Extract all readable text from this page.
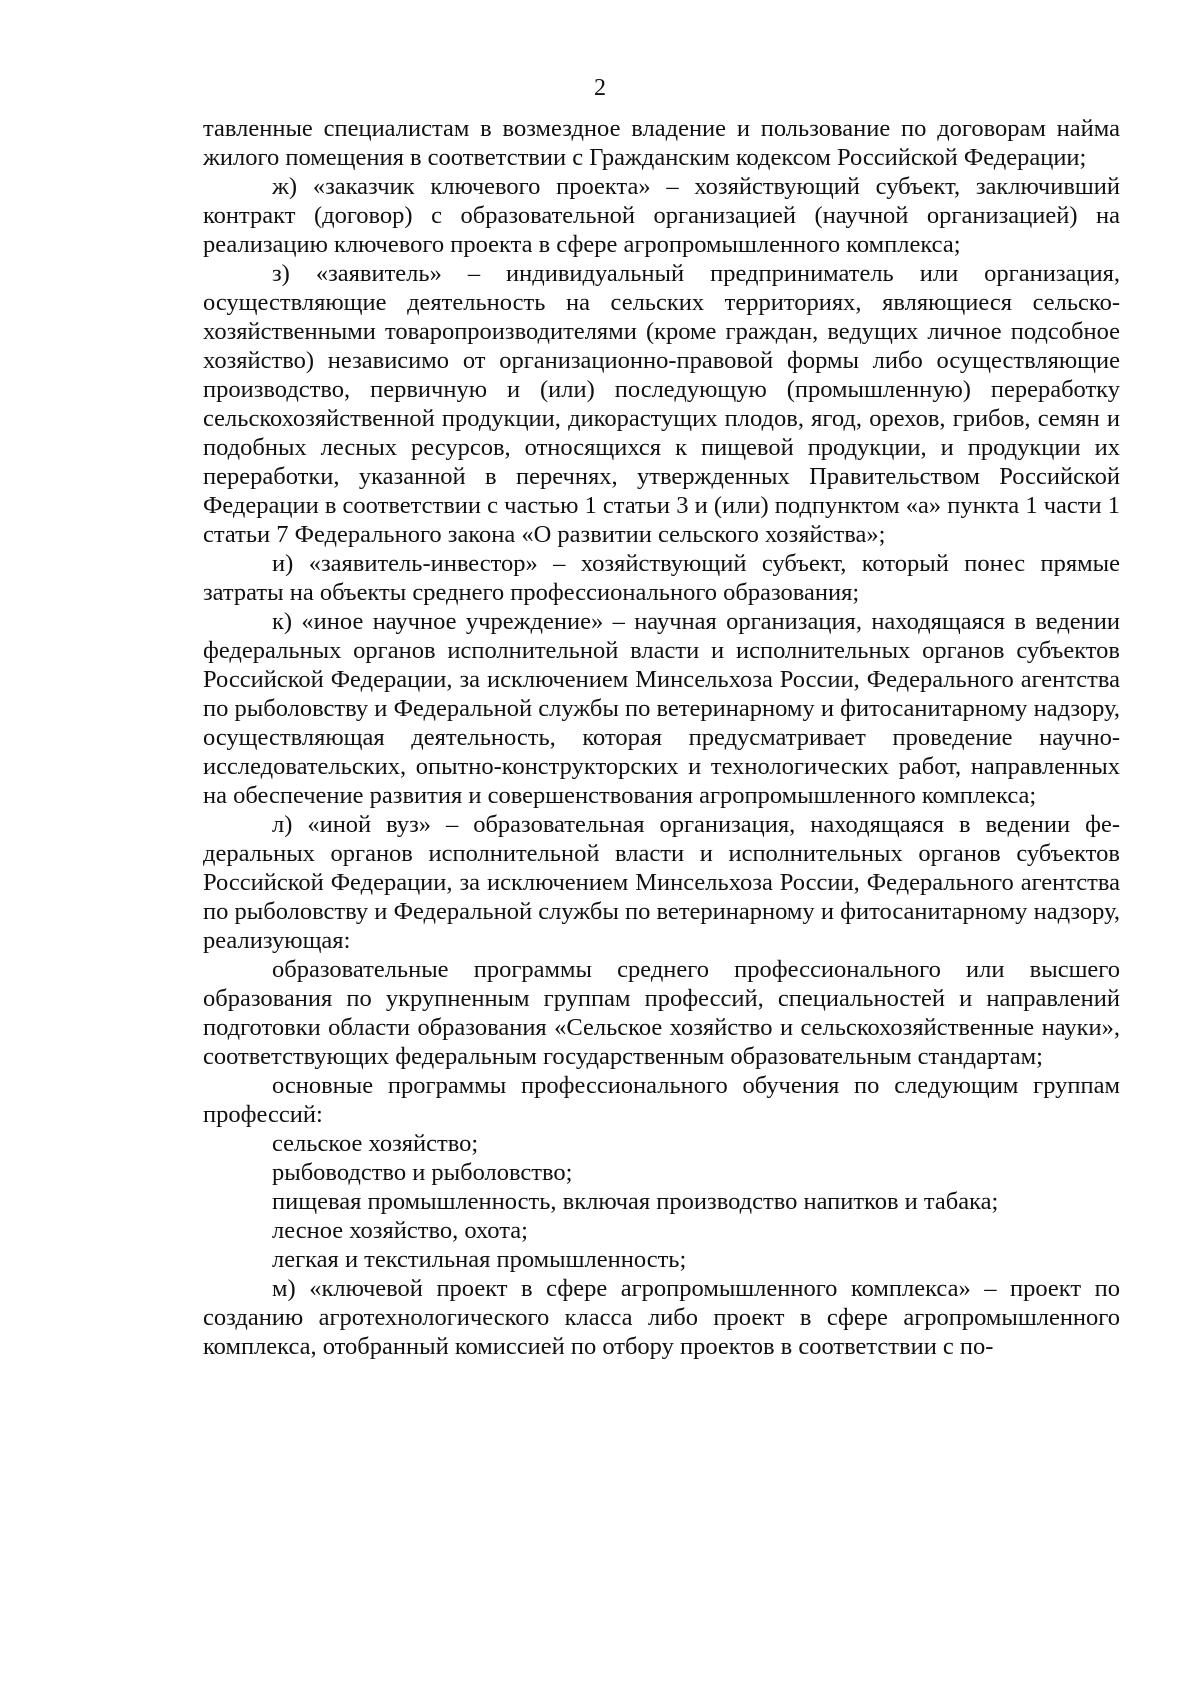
2

тавленные специалистам в возмездное владение и пользование по договорам найма жилого помещения в соответствии с Гражданским кодексом Российской Федерации;

ж) «заказчик ключевого проекта» – хозяйствующий субъект, заключивший контракт (договор) с образовательной организацией (научной организацией) на реализацию ключевого проекта в сфере агропромышленного комплекса;

з) «заявитель» – индивидуальный предприниматель или организация, осуществляющие деятельность на сельских территориях, являющиеся сельскохозяйственными товаропроизводителями (кроме граждан, ведущих личное подсобное хозяйство) независимо от организационно-правовой формы либо осуществляющие производство, первичную и (или) последующую (промышленную) переработку сельскохозяйственной продукции, дикорастущих плодов, ягод, орехов, грибов, семян и подобных лесных ресурсов, относящихся к пищевой продукции, и продукции их переработки, указанной в перечнях, утвержденных Правительством Российской Федерации в соответствии с частью 1 статьи 3 и (или) подпунктом «а» пункта 1 части 1 статьи 7 Федерального закона «О развитии сельского хозяйства»;

и) «заявитель-инвестор» – хозяйствующий субъект, который понес прямые затраты на объекты среднего профессионального образования;

к) «иное научное учреждение» – научная организация, находящаяся в ведении федеральных органов исполнительной власти и исполнительных органов субъектов Российской Федерации, за исключением Минсельхоза России, Федерального агентства по рыболовству и Федеральной службы по ветеринарному и фитосанитарному надзору, осуществляющая деятельность, которая предусматривает проведение научно-исследовательских, опытно-конструкторских и технологических работ, направленных на обеспечение развития и совершенствования агропромышленного комплекса;

л) «иной вуз» – образовательная организация, находящаяся в ведении федеральных органов исполнительной власти и исполнительных органов субъектов Российской Федерации, за исключением Минсельхоза России, Федерального агентства по рыболовству и Федеральной службы по ветеринарному и фитосанитарному надзору, реализующая:

образовательные программы среднего профессионального или высшего образования по укрупненным группам профессий, специальностей и направлений подготовки области образования «Сельское хозяйство и сельскохозяйственные науки», соответствующих федеральным государственным образовательным стандартам;

основные программы профессионального обучения по следующим группам профессий:

сельское хозяйство;

рыбоводство и рыболовство;

пищевая промышленность, включая производство напитков и табака;

лесное хозяйство, охота;

легкая и текстильная промышленность;

м) «ключевой проект в сфере агропромышленного комплекса» – проект по созданию агротехнологического класса либо проект в сфере агропромышленного комплекса, отобранный комиссией по отбору проектов в соответствии с по-
